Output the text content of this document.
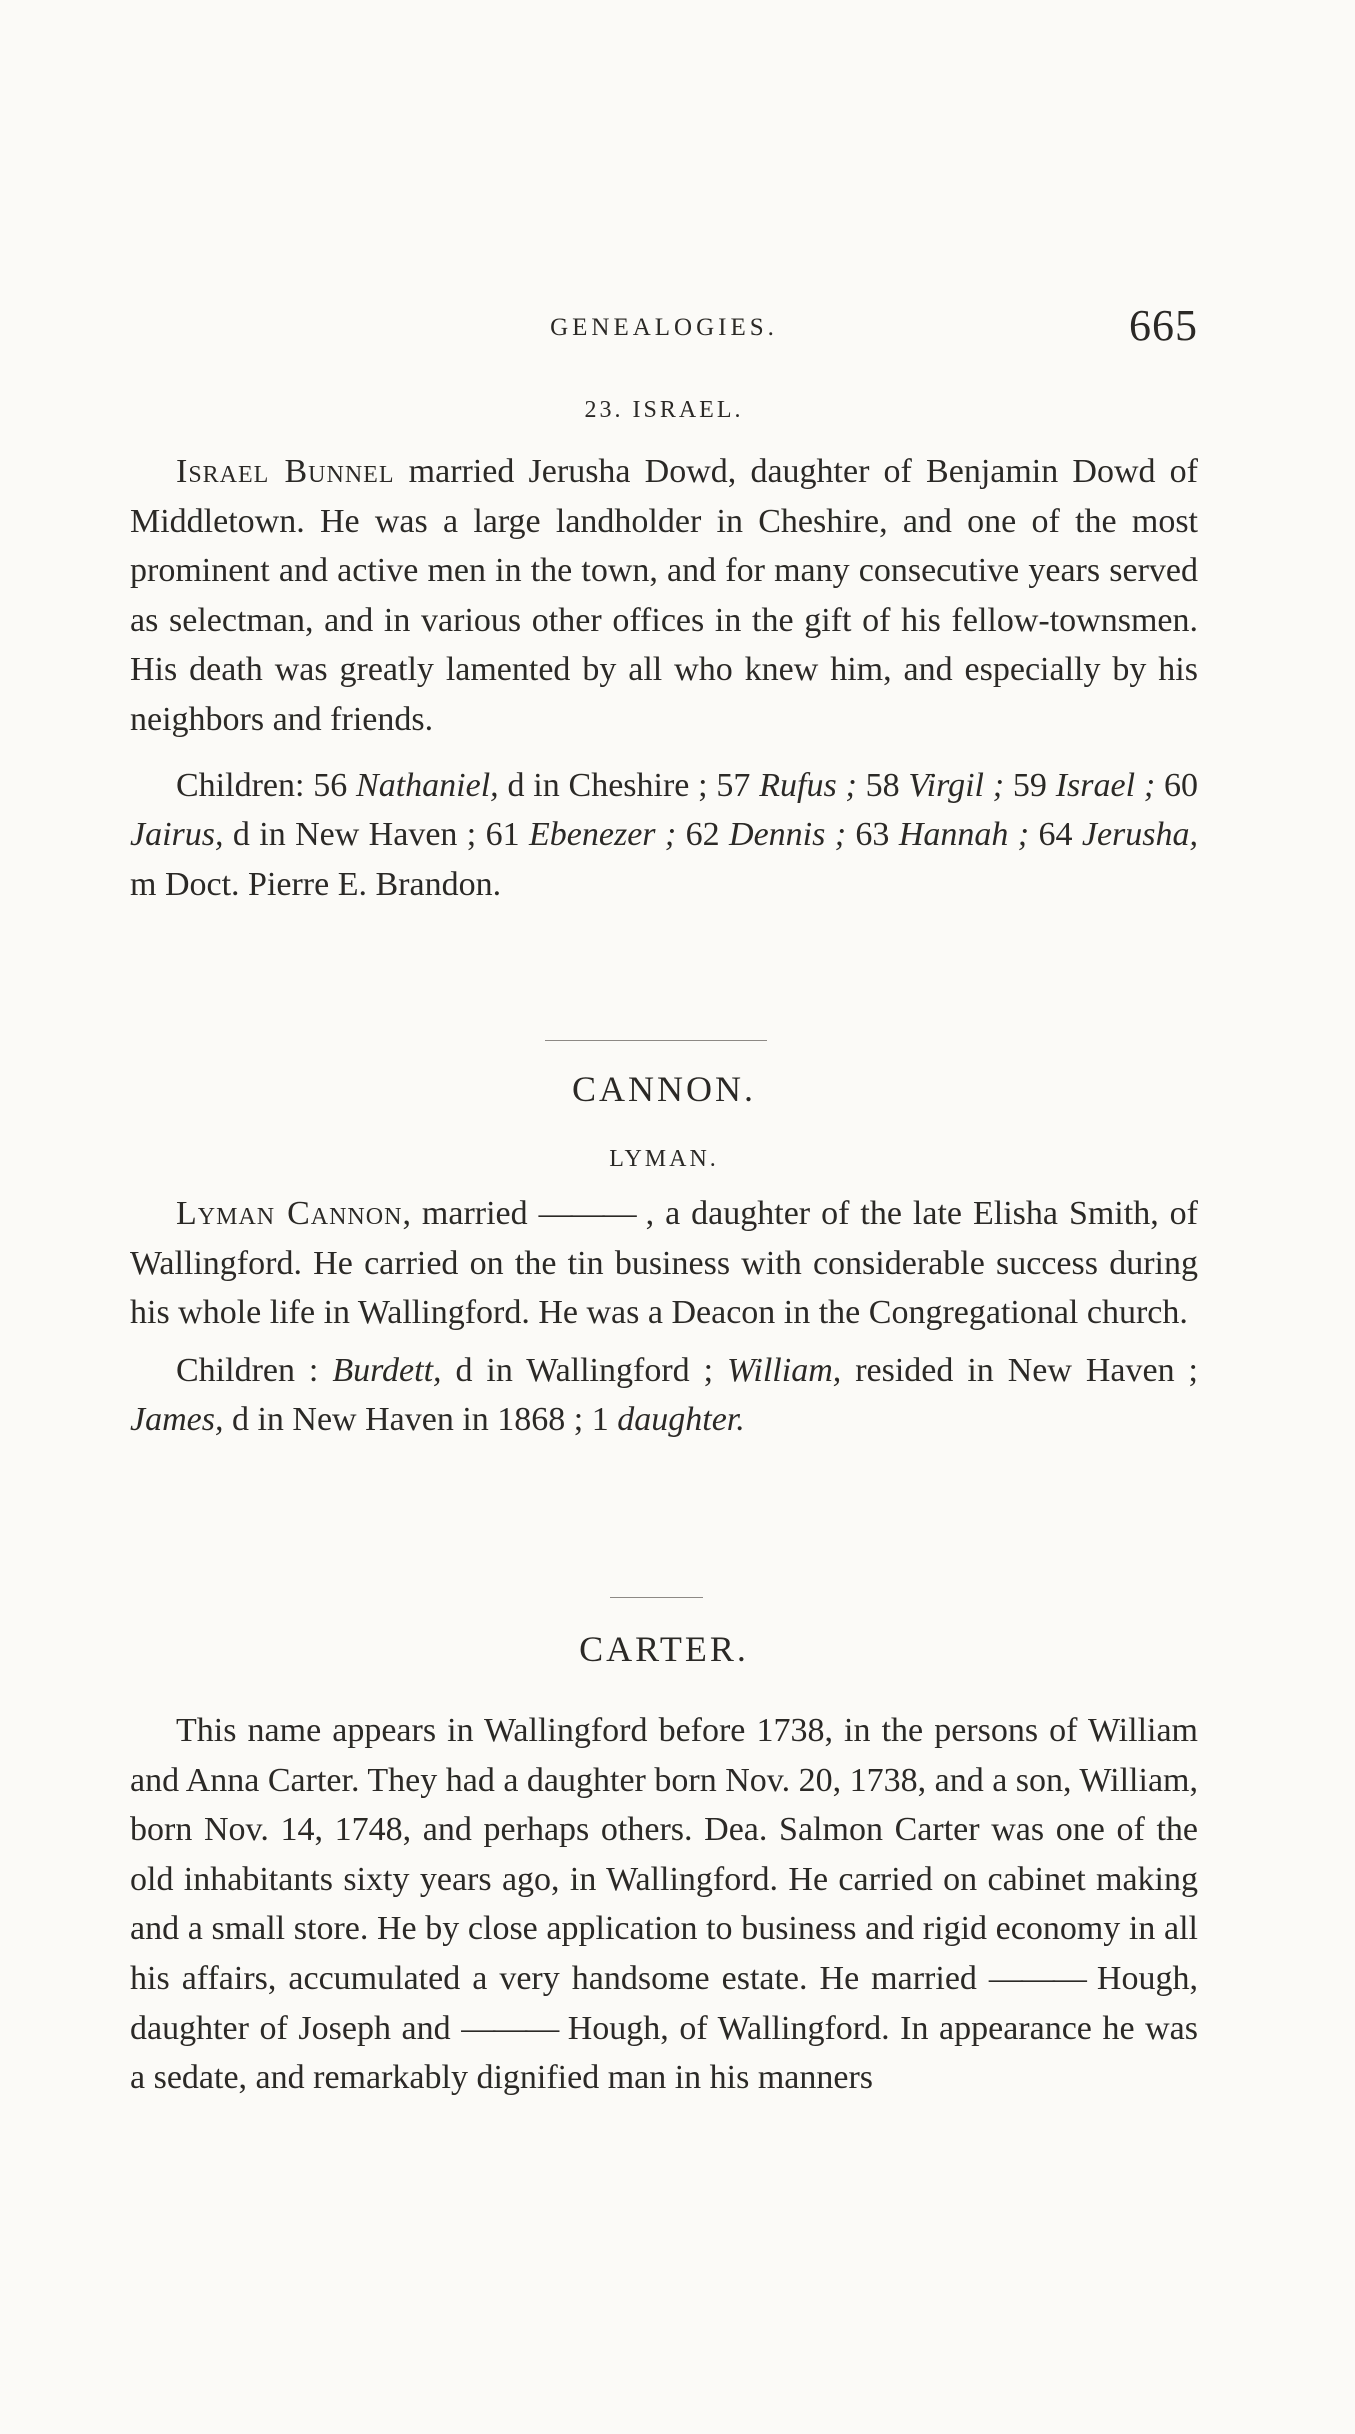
GENEALOGIES.	665
23. ISRAEL.

Israel Bunnel married Jerusha Dowd, daughter of Benjamin Dowd of Middletown. He was a large landholder in Cheshire, and one of the most prominent and active men in the town, and for many consecutive years served as selectman, and in various other offices in the gift of his fellow-townsmen. His death was greatly lamented by all who knew him, and especially by his neighbors and friends.

Children: 56 Nathaniel, d in Cheshire ; 57 Rufus ; 58 Virgil ; 59 Israel ; 60 Jairus, d in New Haven ; 61 Ebenezer ; 62 Dennis ; 63 Hannah ; 64 Jerusha, m Doct. Pierre E. Brandon.

CANNON.
LYMAN.

Lyman Cannon, married ——— , a daughter of the late Elisha Smith, of Wallingford. He carried on the tin business with considerable success during his whole life in Wallingford. He was a Deacon in the Congregational church.

Children : Burdett, d in Wallingford ; William, resided in New Haven ; James, d in New Haven in 1868 ; 1 daughter.

CARTER.

This name appears in Wallingford before 1738, in the persons of William and Anna Carter. They had a daughter born Nov. 20, 1738, and a son, William, born Nov. 14, 1748, and perhaps others. Dea. Salmon Carter was one of the old inhabitants sixty years ago, in Wallingford. He carried on cabinet making and a small store. He by close application to business and rigid economy in all his affairs, accumulated a very handsome estate. He married ——— Hough, daughter of Joseph and ——— Hough, of Wallingford. In appearance he was a sedate, and remarkably dignified man in his manners
